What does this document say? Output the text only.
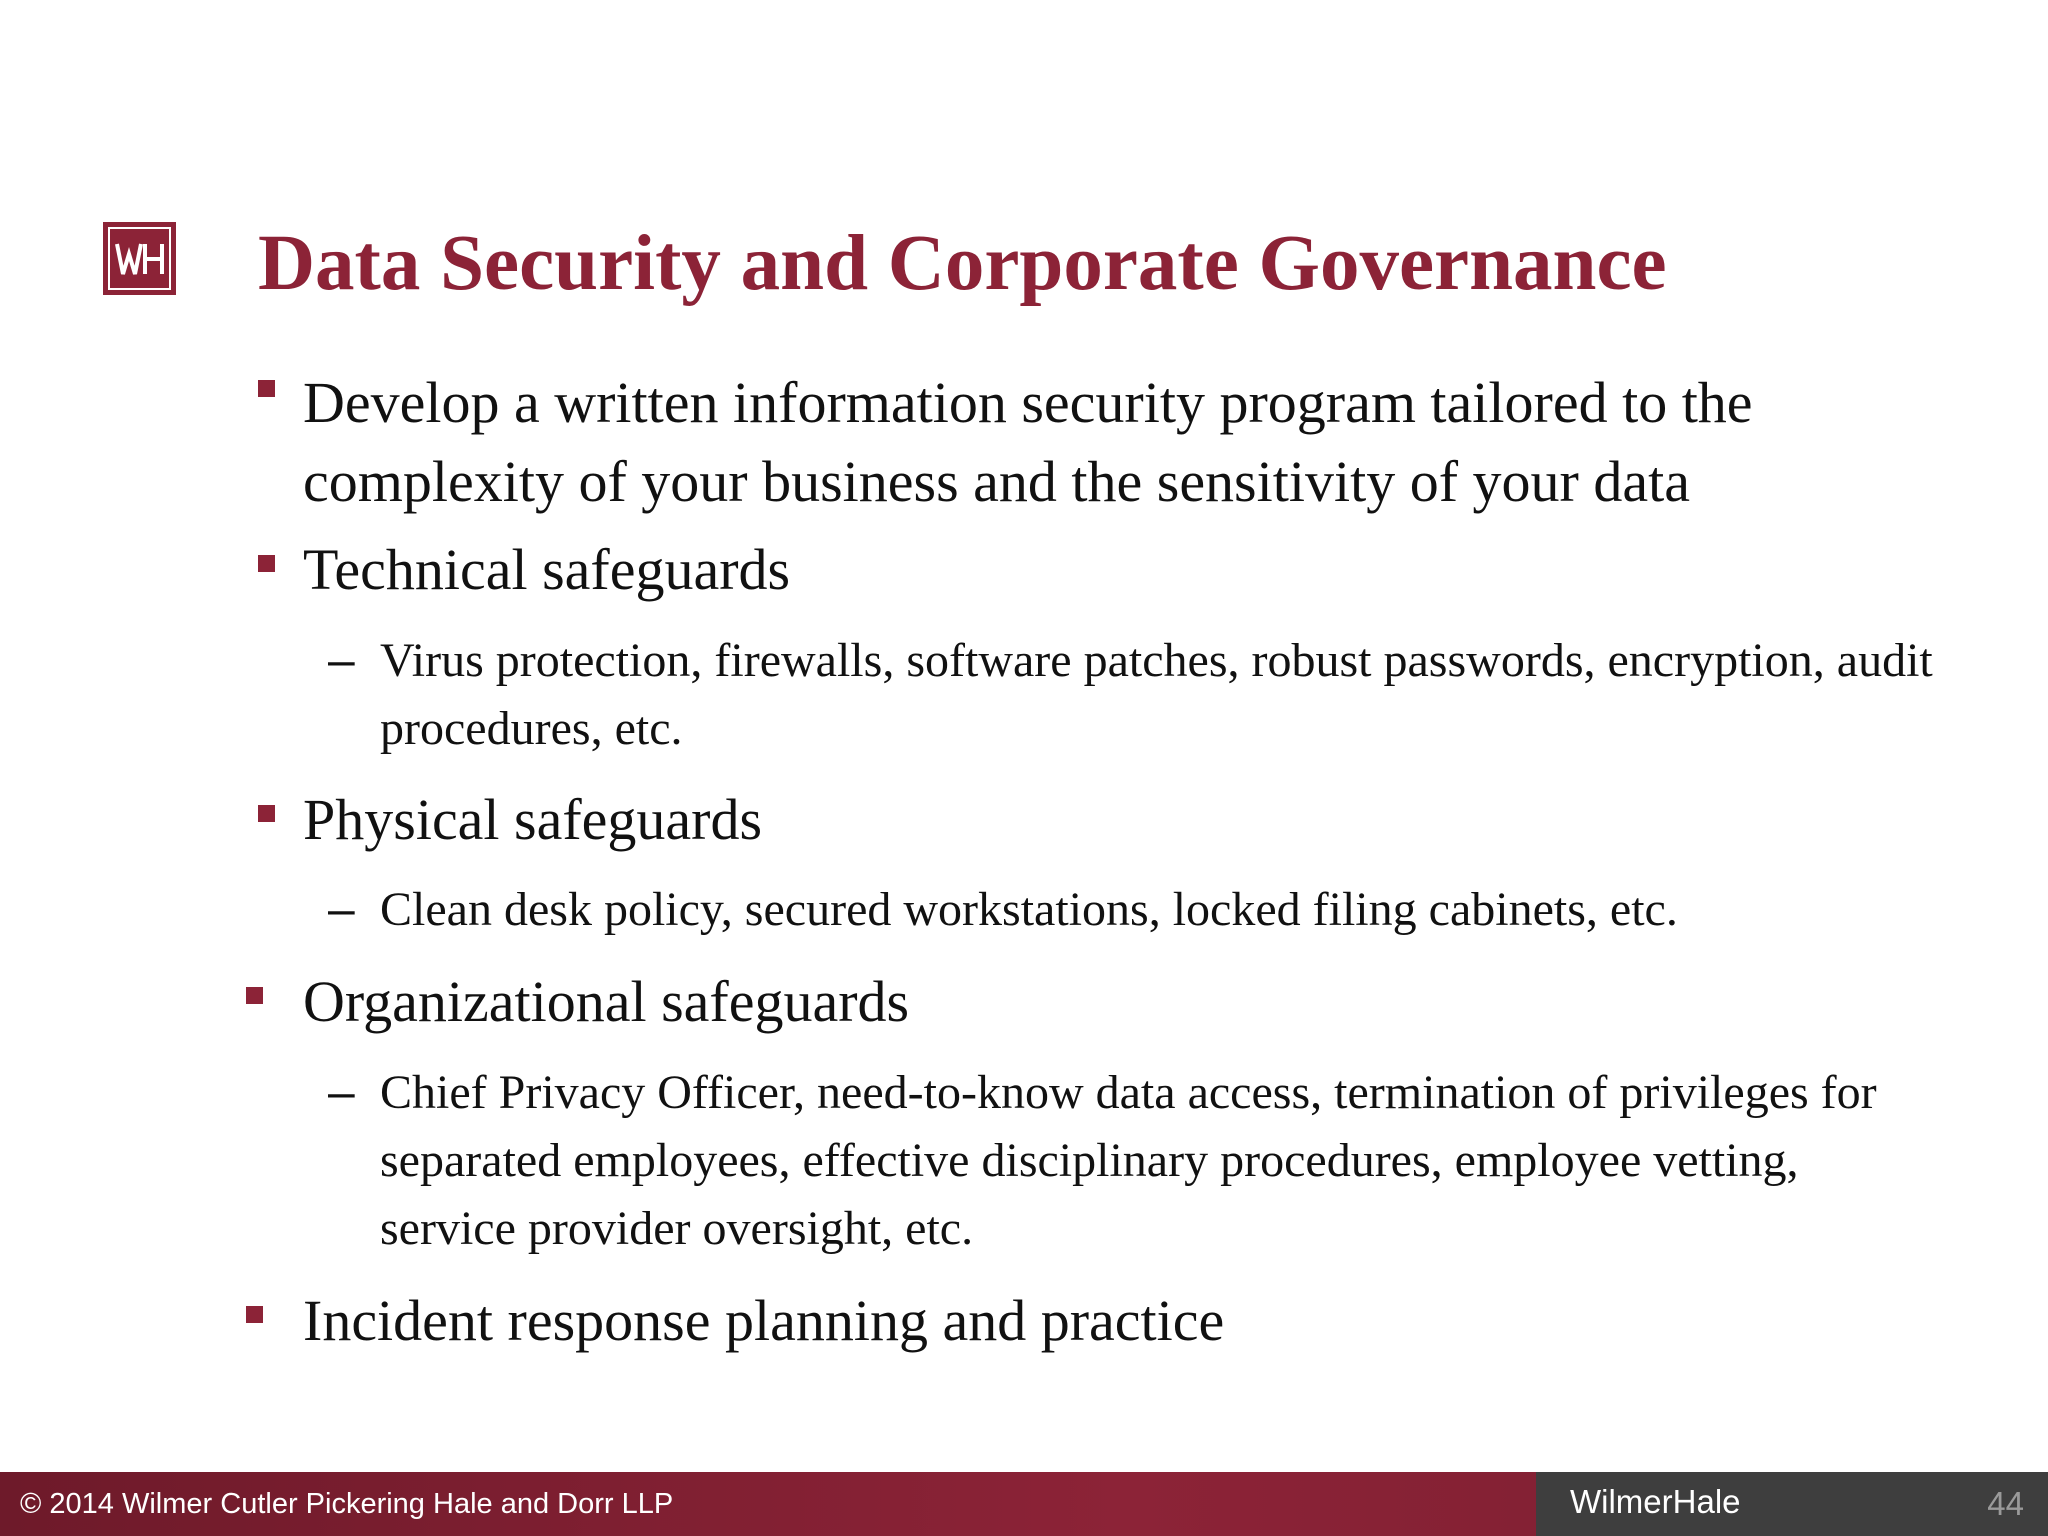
Data Security and Corporate Governance
Develop a written information security program tailored to the complexity of your business and the sensitivity of your data
Technical safeguards
– Virus protection, firewalls, software patches, robust passwords, encryption, audit procedures, etc.
Physical safeguards
– Clean desk policy, secured workstations, locked filing cabinets, etc.
Organizational safeguards
– Chief Privacy Officer, need-to-know data access, termination of privileges for separated employees, effective disciplinary procedures, employee vetting, service provider oversight, etc.
Incident response planning and practice
© 2014 Wilmer Cutler Pickering Hale and Dorr LLP	WilmerHale	44
